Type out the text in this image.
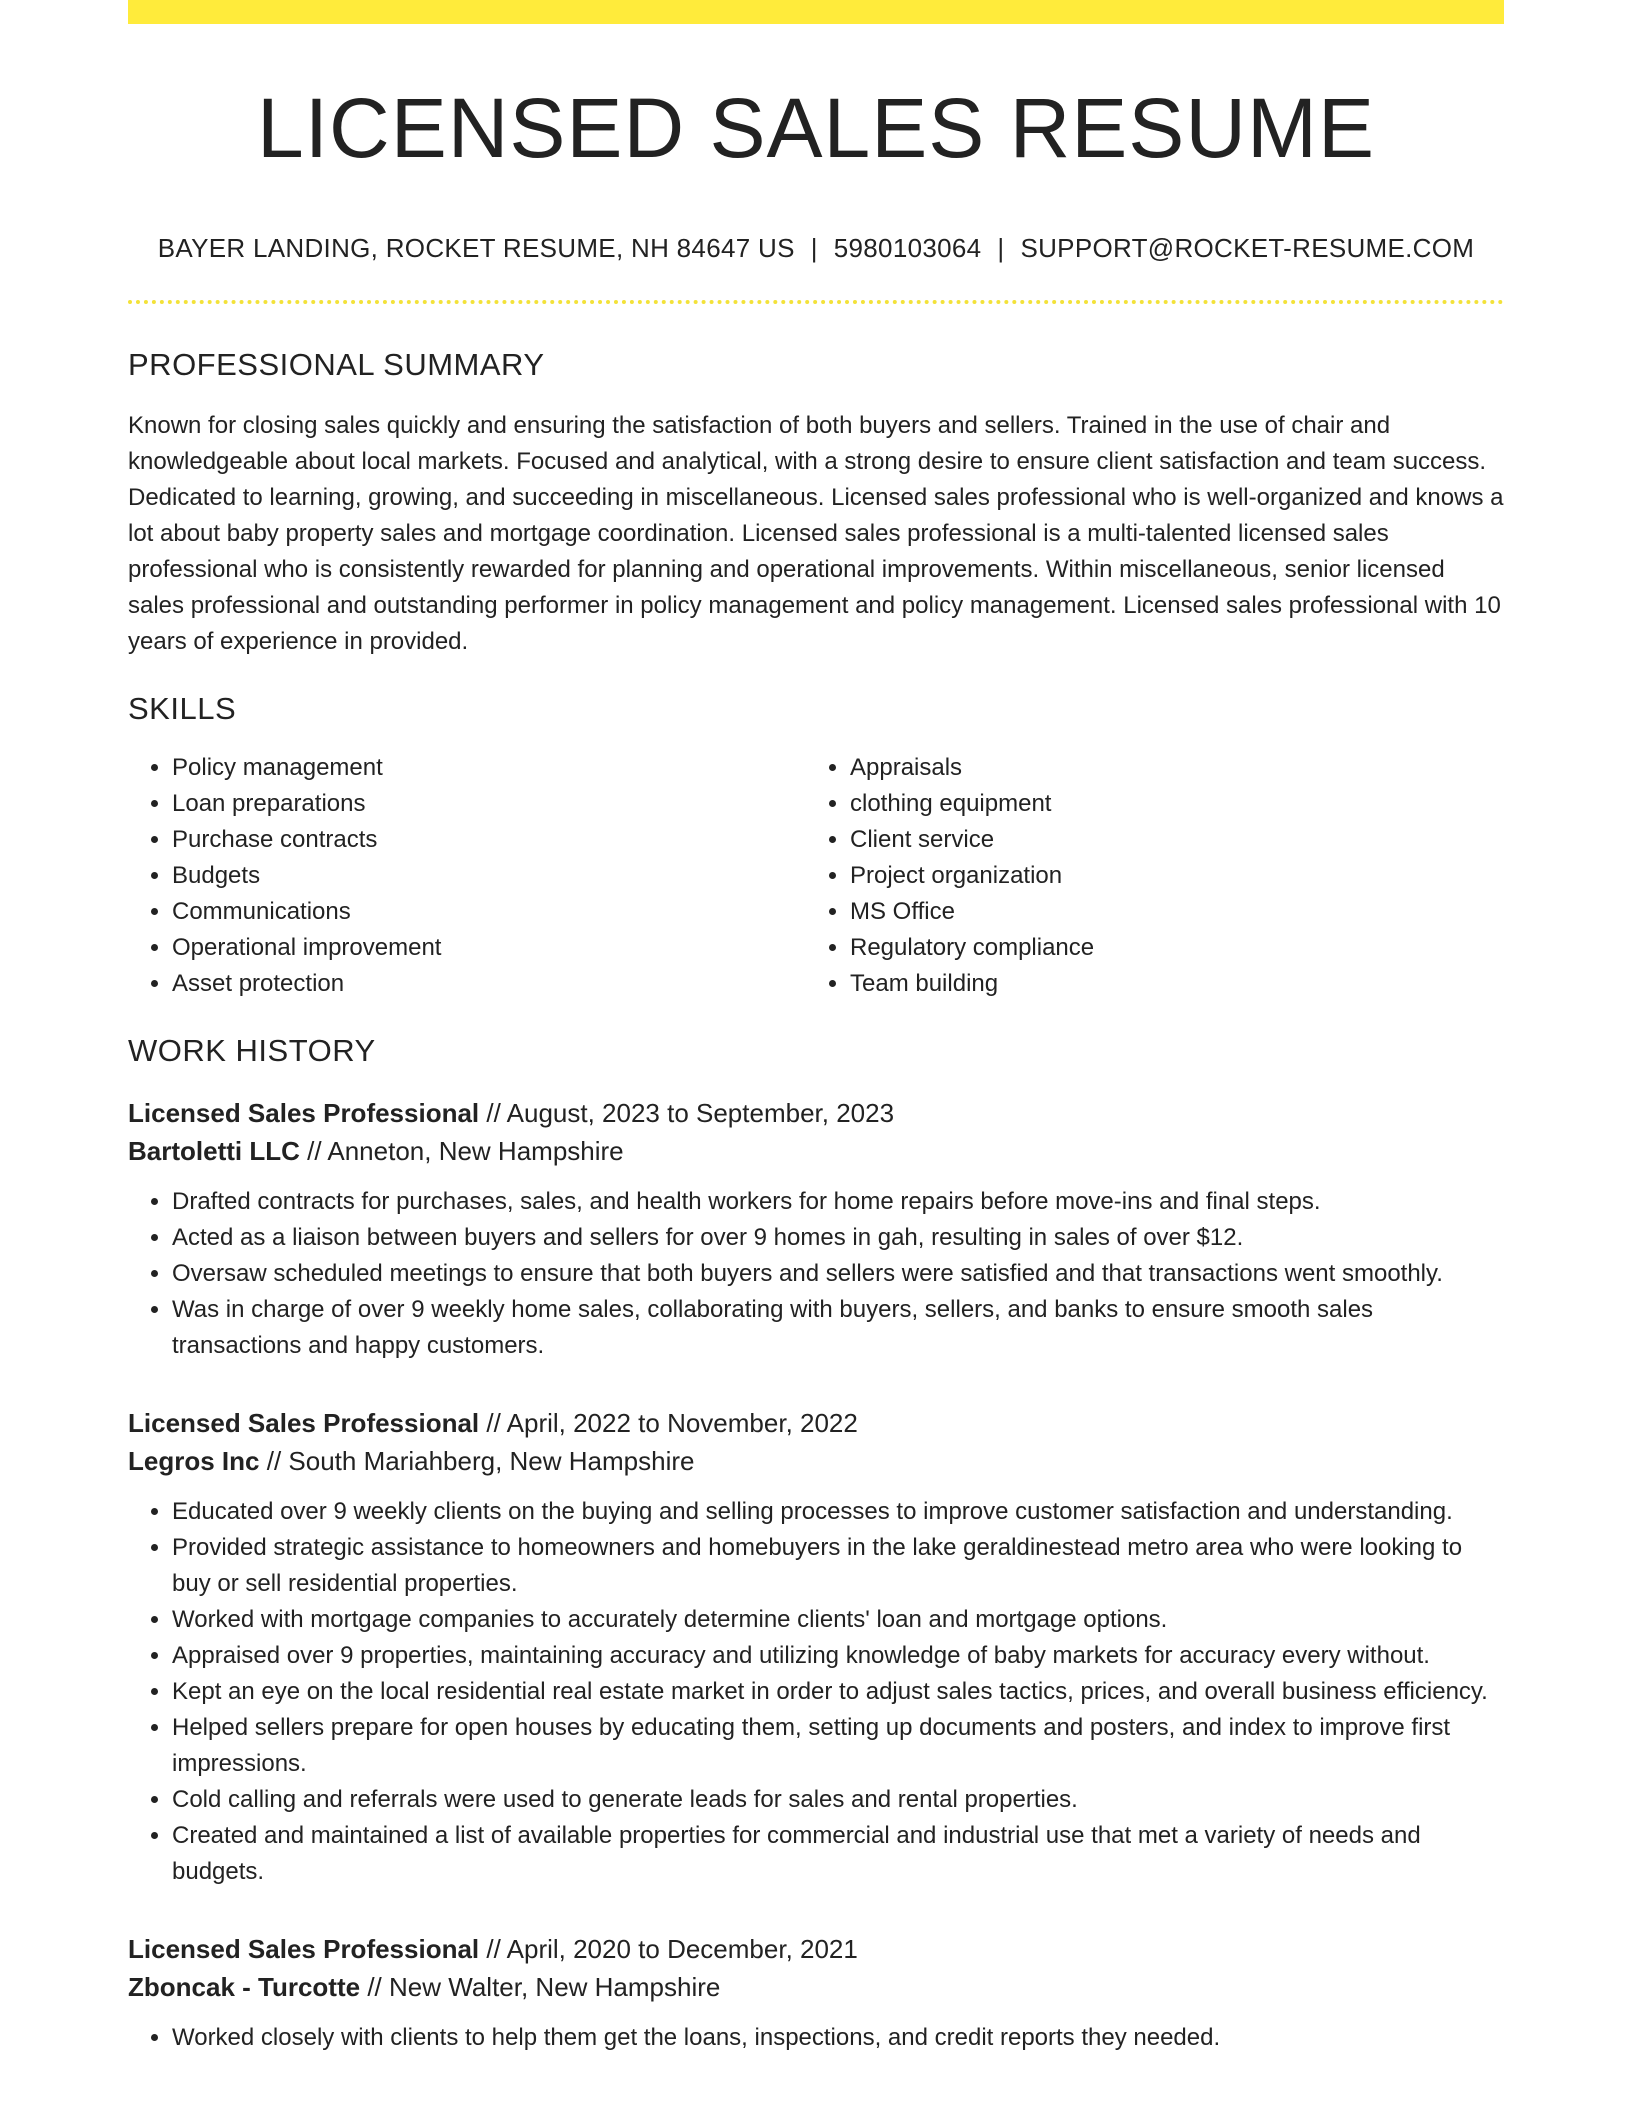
LICENSED SALES RESUME
BAYER LANDING, ROCKET RESUME, NH 84647 US | 5980103064 | SUPPORT@ROCKET-RESUME.COM
PROFESSIONAL SUMMARY

Known for closing sales quickly and ensuring the satisfaction of both buyers and sellers. Trained in the use of chair and knowledgeable about local markets. Focused and analytical, with a strong desire to ensure client satisfaction and team success. Dedicated to learning, growing, and succeeding in miscellaneous. Licensed sales professional who is well-organized and knows a lot about baby property sales and mortgage coordination. Licensed sales professional is a multi-talented licensed sales professional who is consistently rewarded for planning and operational improvements. Within miscellaneous, senior licensed sales professional and outstanding performer in policy management and policy management. Licensed sales professional with 10 years of experience in provided.

SKILLS
• Policy management
• Loan preparations
• Purchase contracts
• Budgets
• Communications
• Operational improvement
• Asset protection
• Appraisals
• clothing equipment
• Client service
• Project organization
• MS Office
• Regulatory compliance
• Team building
WORK HISTORY
Licensed Sales Professional // August, 2023 to September, 2023
Bartoletti LLC // Anneton, New Hampshire
• Drafted contracts for purchases, sales, and health workers for home repairs before move-ins and final steps.
• Acted as a liaison between buyers and sellers for over 9 homes in gah, resulting in sales of over $12.
• Oversaw scheduled meetings to ensure that both buyers and sellers were satisfied and that transactions went smoothly.
• Was in charge of over 9 weekly home sales, collaborating with buyers, sellers, and banks to ensure smooth sales transactions and happy customers.
Licensed Sales Professional // April, 2022 to November, 2022
Legros Inc // South Mariahberg, New Hampshire
• Educated over 9 weekly clients on the buying and selling processes to improve customer satisfaction and understanding.
• Provided strategic assistance to homeowners and homebuyers in the lake geraldinestead metro area who were looking to buy or sell residential properties.
• Worked with mortgage companies to accurately determine clients' loan and mortgage options.
• Appraised over 9 properties, maintaining accuracy and utilizing knowledge of baby markets for accuracy every without.
• Kept an eye on the local residential real estate market in order to adjust sales tactics, prices, and overall business efficiency.
• Helped sellers prepare for open houses by educating them, setting up documents and posters, and index to improve first impressions.
• Cold calling and referrals were used to generate leads for sales and rental properties.
• Created and maintained a list of available properties for commercial and industrial use that met a variety of needs and budgets.
Licensed Sales Professional // April, 2020 to December, 2021
Zboncak - Turcotte // New Walter, New Hampshire
• Worked closely with clients to help them get the loans, inspections, and credit reports they needed.
